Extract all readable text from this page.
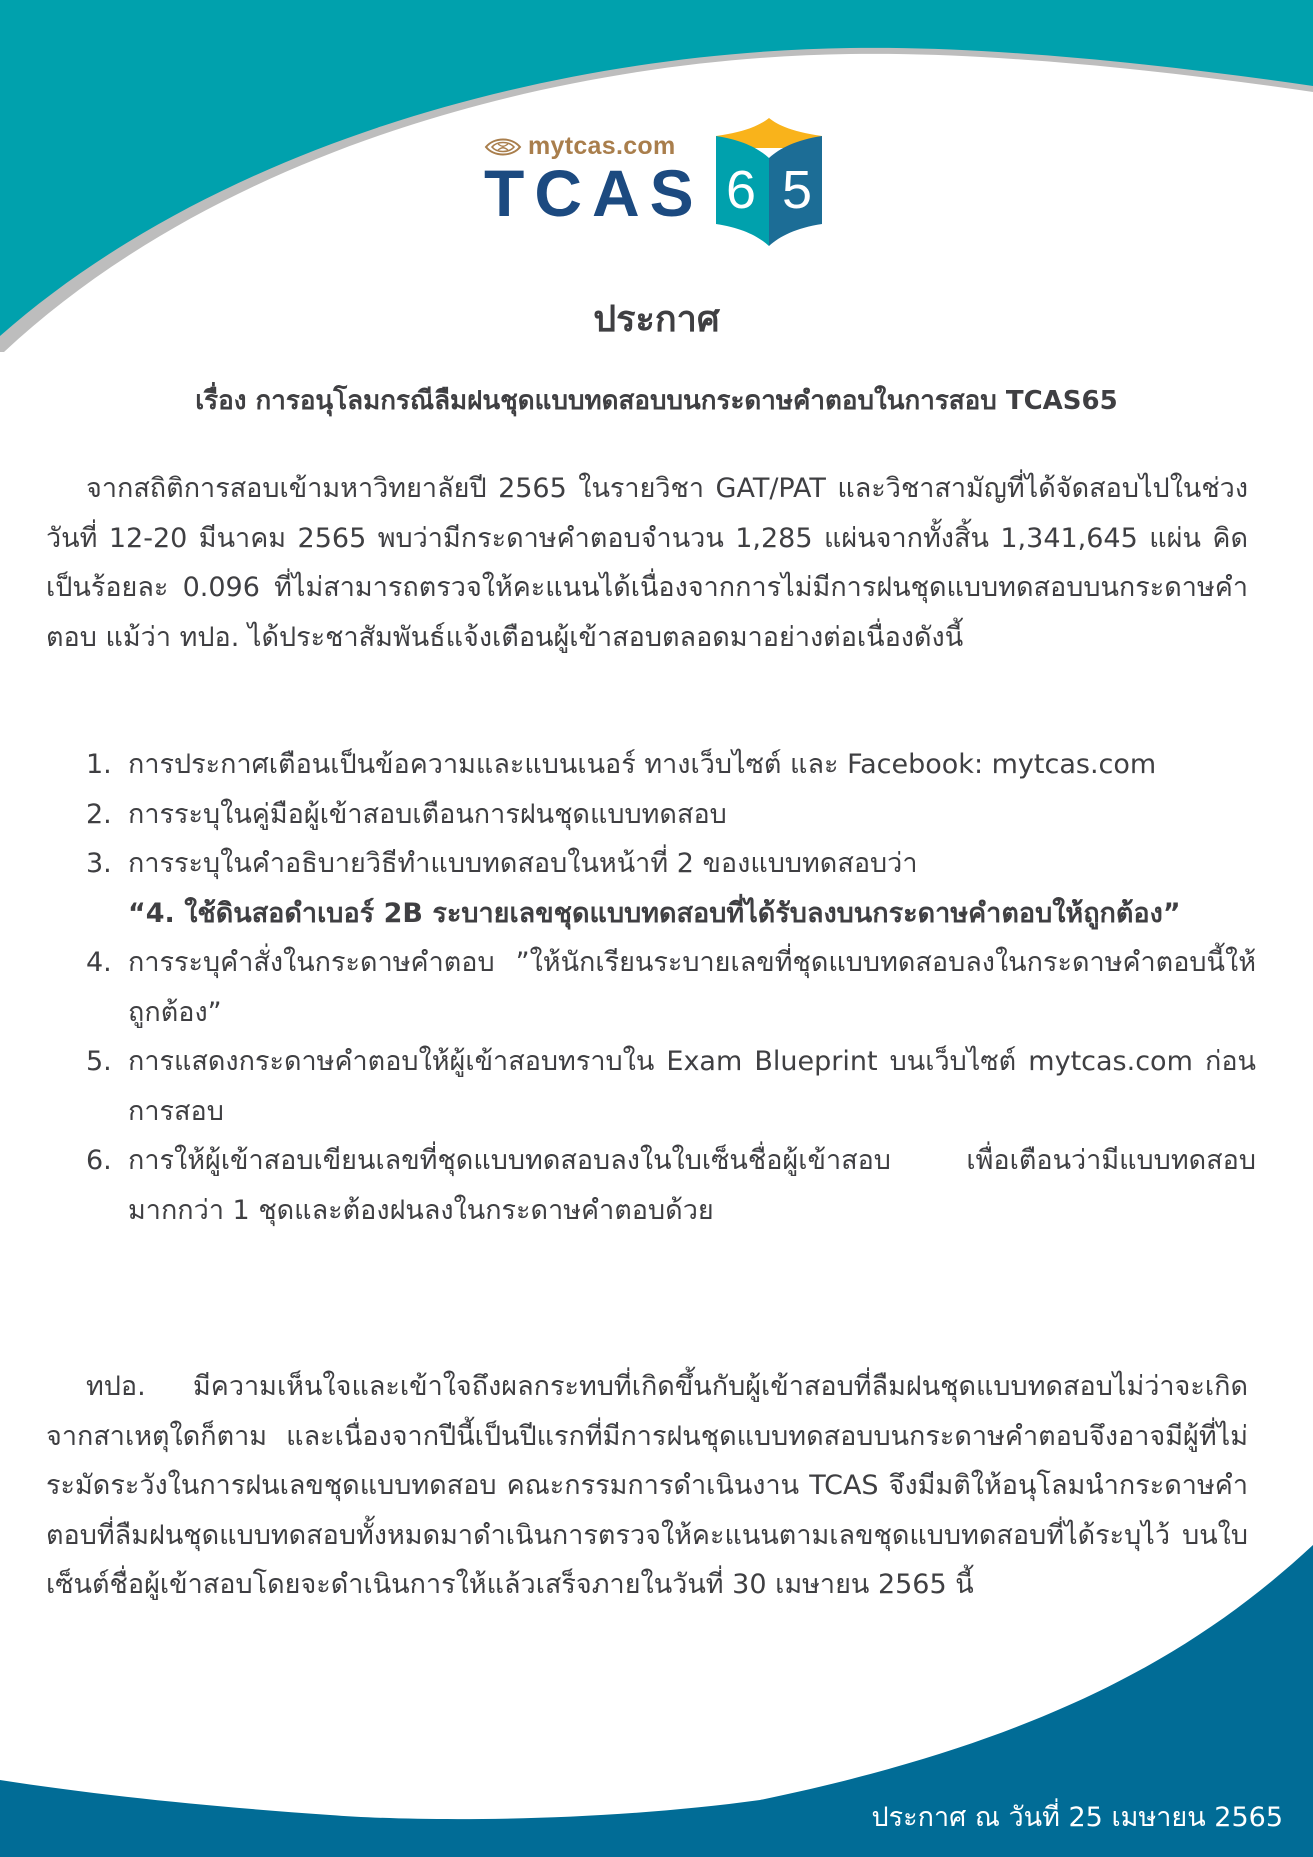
mytcas.com
TCAS 6 5
ประกาศ
เรื่อง การอนุโลมกรณีลืมฝนชุดแบบทดสอบบนกระดาษคำตอบในการสอบ TCAS65
จากสถิติการสอบเข้ามหาวิทยาลัยปี 2565 ในรายวิชา GAT/PAT และวิชาสามัญที่ได้จัดสอบไปในช่วงวันที่ 12-20 มีนาคม 2565 พบว่ามีกระดาษคำตอบจำนวน 1,285 แผ่นจากทั้งสิ้น 1,341,645 แผ่น คิดเป็นร้อยละ 0.096 ที่ไม่สามารถตรวจให้คะแนนได้เนื่องจากการไม่มีการฝนชุดแบบทดสอบบนกระดาษคำตอบ แม้ว่า ทปอ. ได้ประชาสัมพันธ์แจ้งเตือนผู้เข้าสอบตลอดมาอย่างต่อเนื่องดังนี้
1. การประกาศเตือนเป็นข้อความและแบนเนอร์ ทางเว็บไซต์ และ Facebook: mytcas.com
2. การระบุในคู่มือผู้เข้าสอบเตือนการฝนชุดแบบทดสอบ
3. การระบุในคำอธิบายวิธีทำแบบทดสอบในหน้าที่ 2 ของแบบทดสอบว่า
“4. ใช้ดินสอดำเบอร์ 2B ระบายเลขชุดแบบทดสอบที่ได้รับลงบนกระดาษคำตอบให้ถูกต้อง”
4. การระบุคำสั่งในกระดาษคำตอบ ”ให้นักเรียนระบายเลขที่ชุดแบบทดสอบลงในกระดาษคำตอบนี้ให้ถูกต้อง”
5. การแสดงกระดาษคำตอบให้ผู้เข้าสอบทราบใน Exam Blueprint บนเว็บไซต์ mytcas.com ก่อนการสอบ
6. การให้ผู้เข้าสอบเขียนเลขที่ชุดแบบทดสอบลงในใบเซ็นชื่อผู้เข้าสอบ เพื่อเตือนว่ามีแบบทดสอบมากกว่า 1 ชุดและต้องฝนลงในกระดาษคำตอบด้วย
ทปอ. มีความเห็นใจและเข้าใจถึงผลกระทบที่เกิดขึ้นกับผู้เข้าสอบที่ลืมฝนชุดแบบทดสอบไม่ว่าจะเกิดจากสาเหตุใดก็ตาม และเนื่องจากปีนี้เป็นปีแรกที่มีการฝนชุดแบบทดสอบบนกระดาษคำตอบจึงอาจมีผู้ที่ไม่ระมัดระวังในการฝนเลขชุดแบบทดสอบ คณะกรรมการดำเนินงาน TCAS จึงมีมติให้อนุโลมนำกระดาษคำตอบที่ลืมฝนชุดแบบทดสอบทั้งหมดมาดำเนินการตรวจให้คะแนนตามเลขชุดแบบทดสอบที่ได้ระบุไว้ บนใบเซ็นต์ชื่อผู้เข้าสอบโดยจะดำเนินการให้แล้วเสร็จภายในวันที่ 30 เมษายน 2565 นี้
ประกาศ ณ วันที่ 25 เมษายน 2565
